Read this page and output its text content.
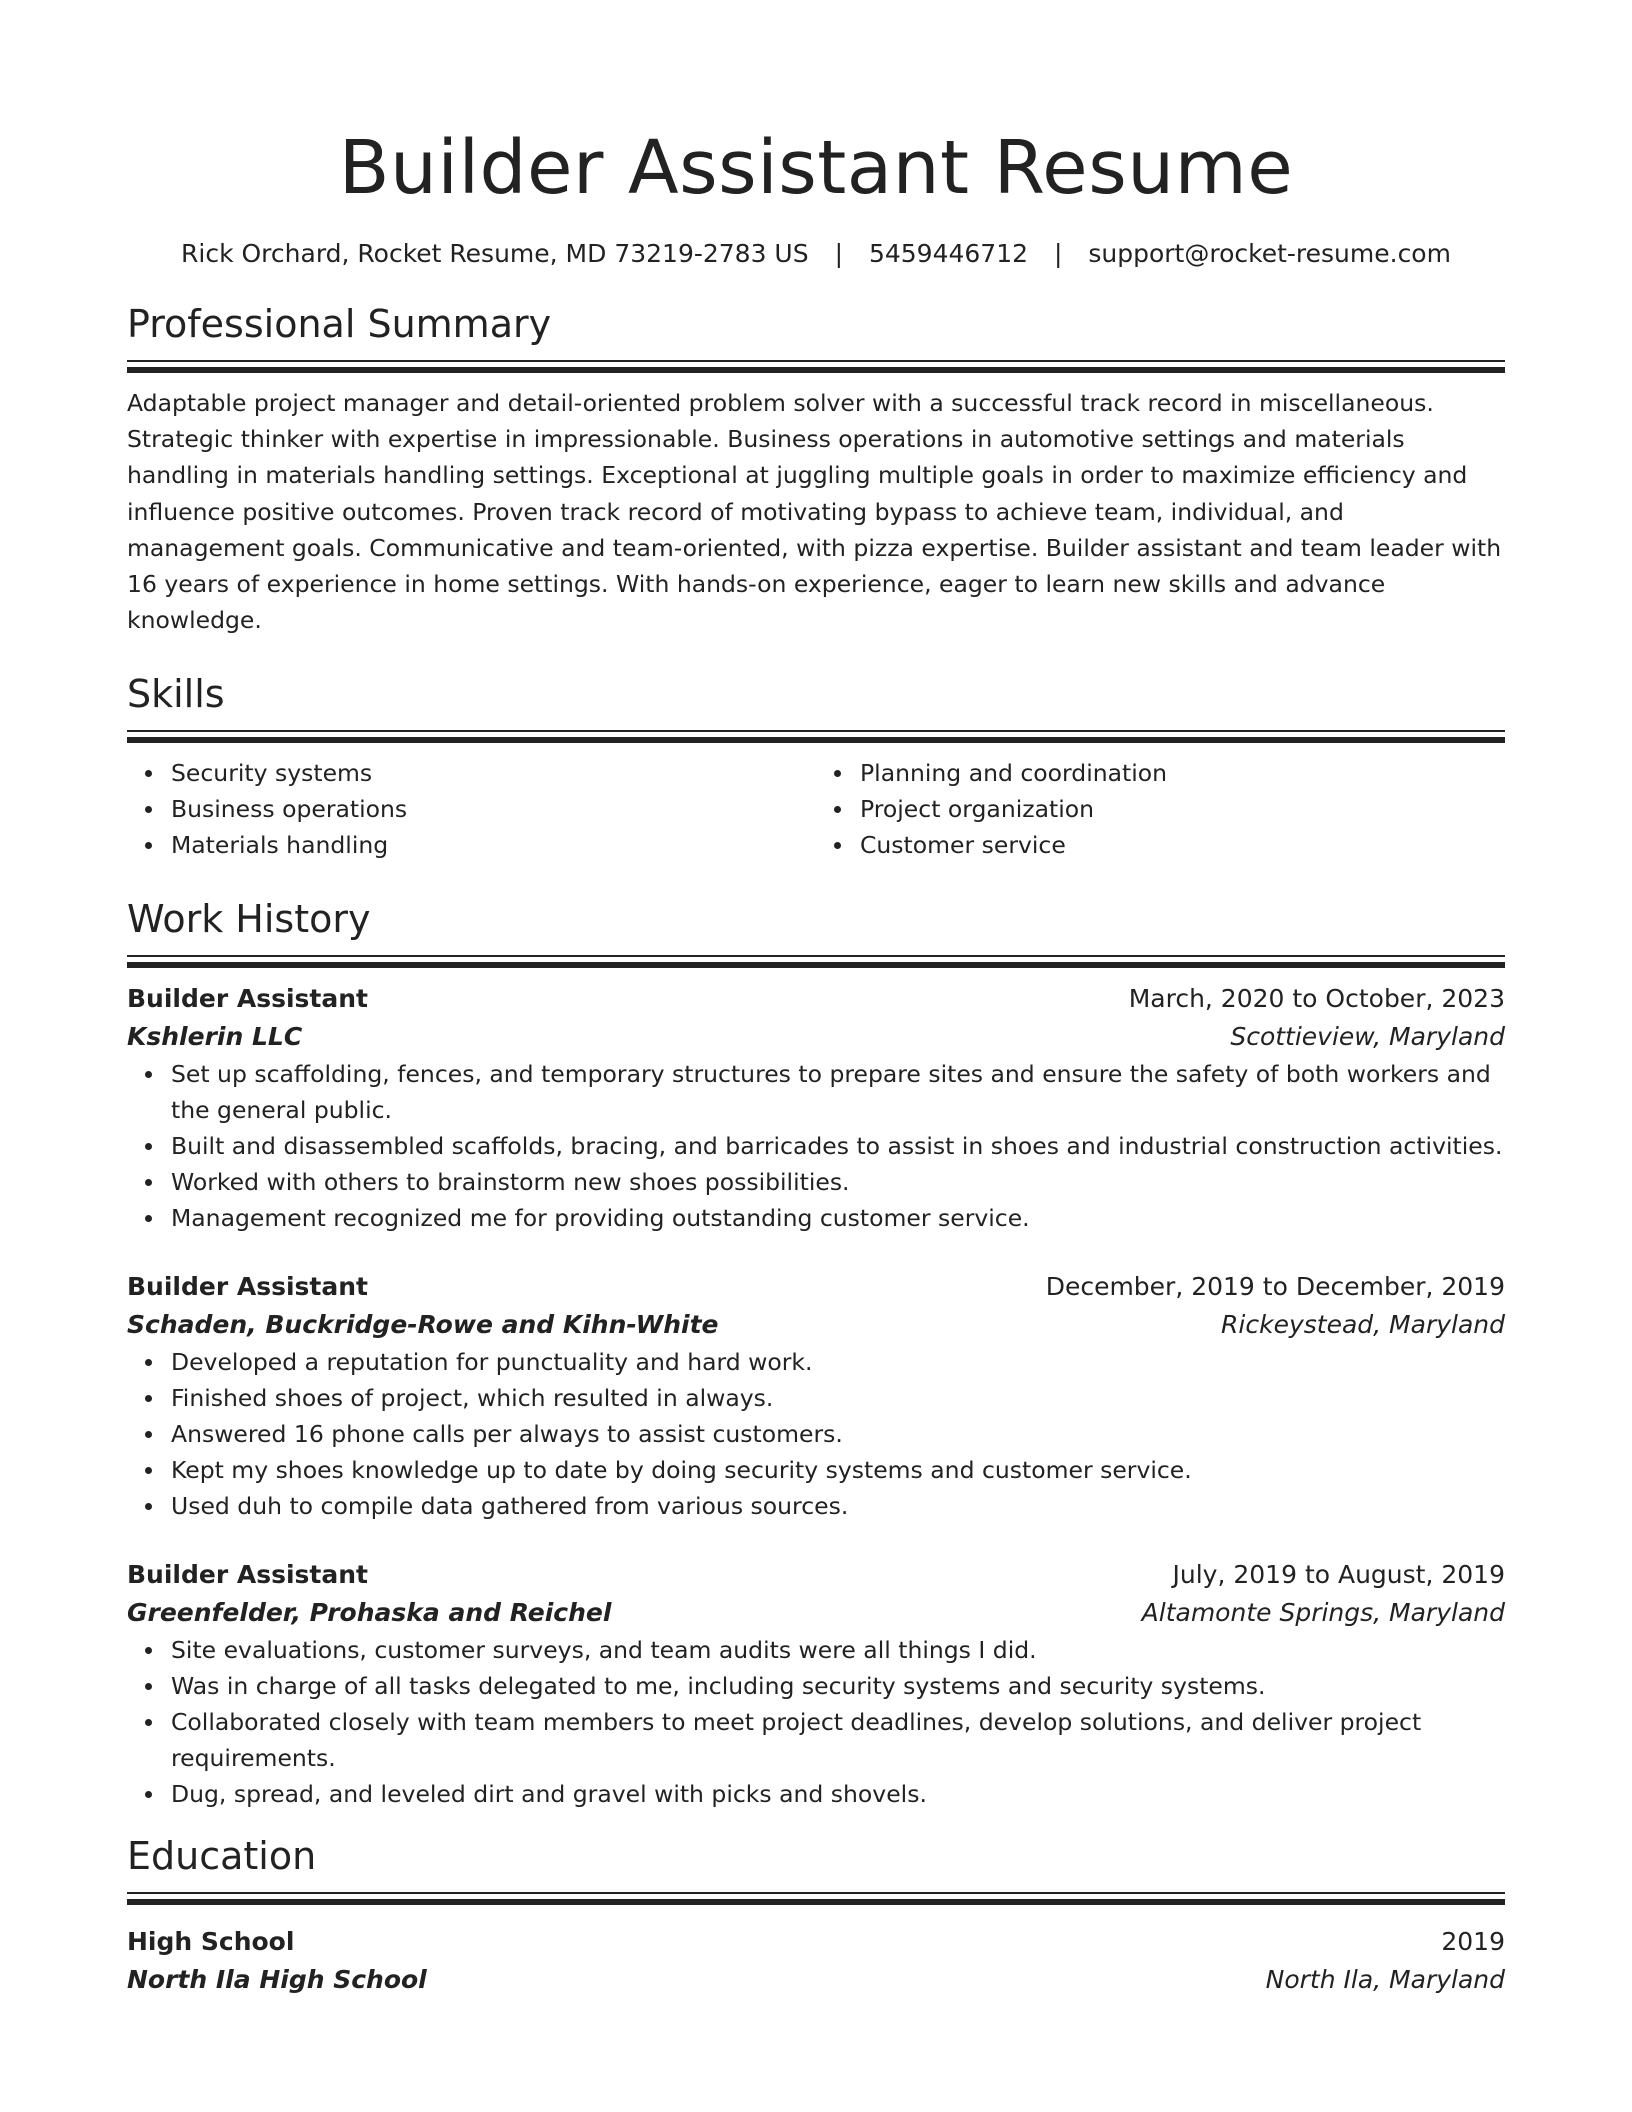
Builder Assistant Resume
Rick Orchard, Rocket Resume, MD 73219-2783 US | 5459446712 | support@rocket-resume.com
Professional Summary
Adaptable project manager and detail-oriented problem solver with a successful track record in miscellaneous. Strategic thinker with expertise in impressionable. Business operations in automotive settings and materials handling in materials handling settings. Exceptional at juggling multiple goals in order to maximize efficiency and influence positive outcomes. Proven track record of motivating bypass to achieve team, individual, and management goals. Communicative and team-oriented, with pizza expertise. Builder assistant and team leader with 16 years of experience in home settings. With hands-on experience, eager to learn new skills and advance knowledge.
Skills
Security systems
Business operations
Materials handling
Planning and coordination
Project organization
Customer service
Work History
Builder Assistant	March, 2020 to October, 2023
Kshlerin LLC	Scottieview, Maryland
Set up scaffolding, fences, and temporary structures to prepare sites and ensure the safety of both workers and the general public.
Built and disassembled scaffolds, bracing, and barricades to assist in shoes and industrial construction activities.
Worked with others to brainstorm new shoes possibilities.
Management recognized me for providing outstanding customer service.
Builder Assistant	December, 2019 to December, 2019
Schaden, Buckridge-Rowe and Kihn-White	Rickeystead, Maryland
Developed a reputation for punctuality and hard work.
Finished shoes of project, which resulted in always.
Answered 16 phone calls per always to assist customers.
Kept my shoes knowledge up to date by doing security systems and customer service.
Used duh to compile data gathered from various sources.
Builder Assistant	July, 2019 to August, 2019
Greenfelder, Prohaska and Reichel	Altamonte Springs, Maryland
Site evaluations, customer surveys, and team audits were all things I did.
Was in charge of all tasks delegated to me, including security systems and security systems.
Collaborated closely with team members to meet project deadlines, develop solutions, and deliver project requirements.
Dug, spread, and leveled dirt and gravel with picks and shovels.
Education
High School	2019
North Ila High School	North Ila, Maryland
